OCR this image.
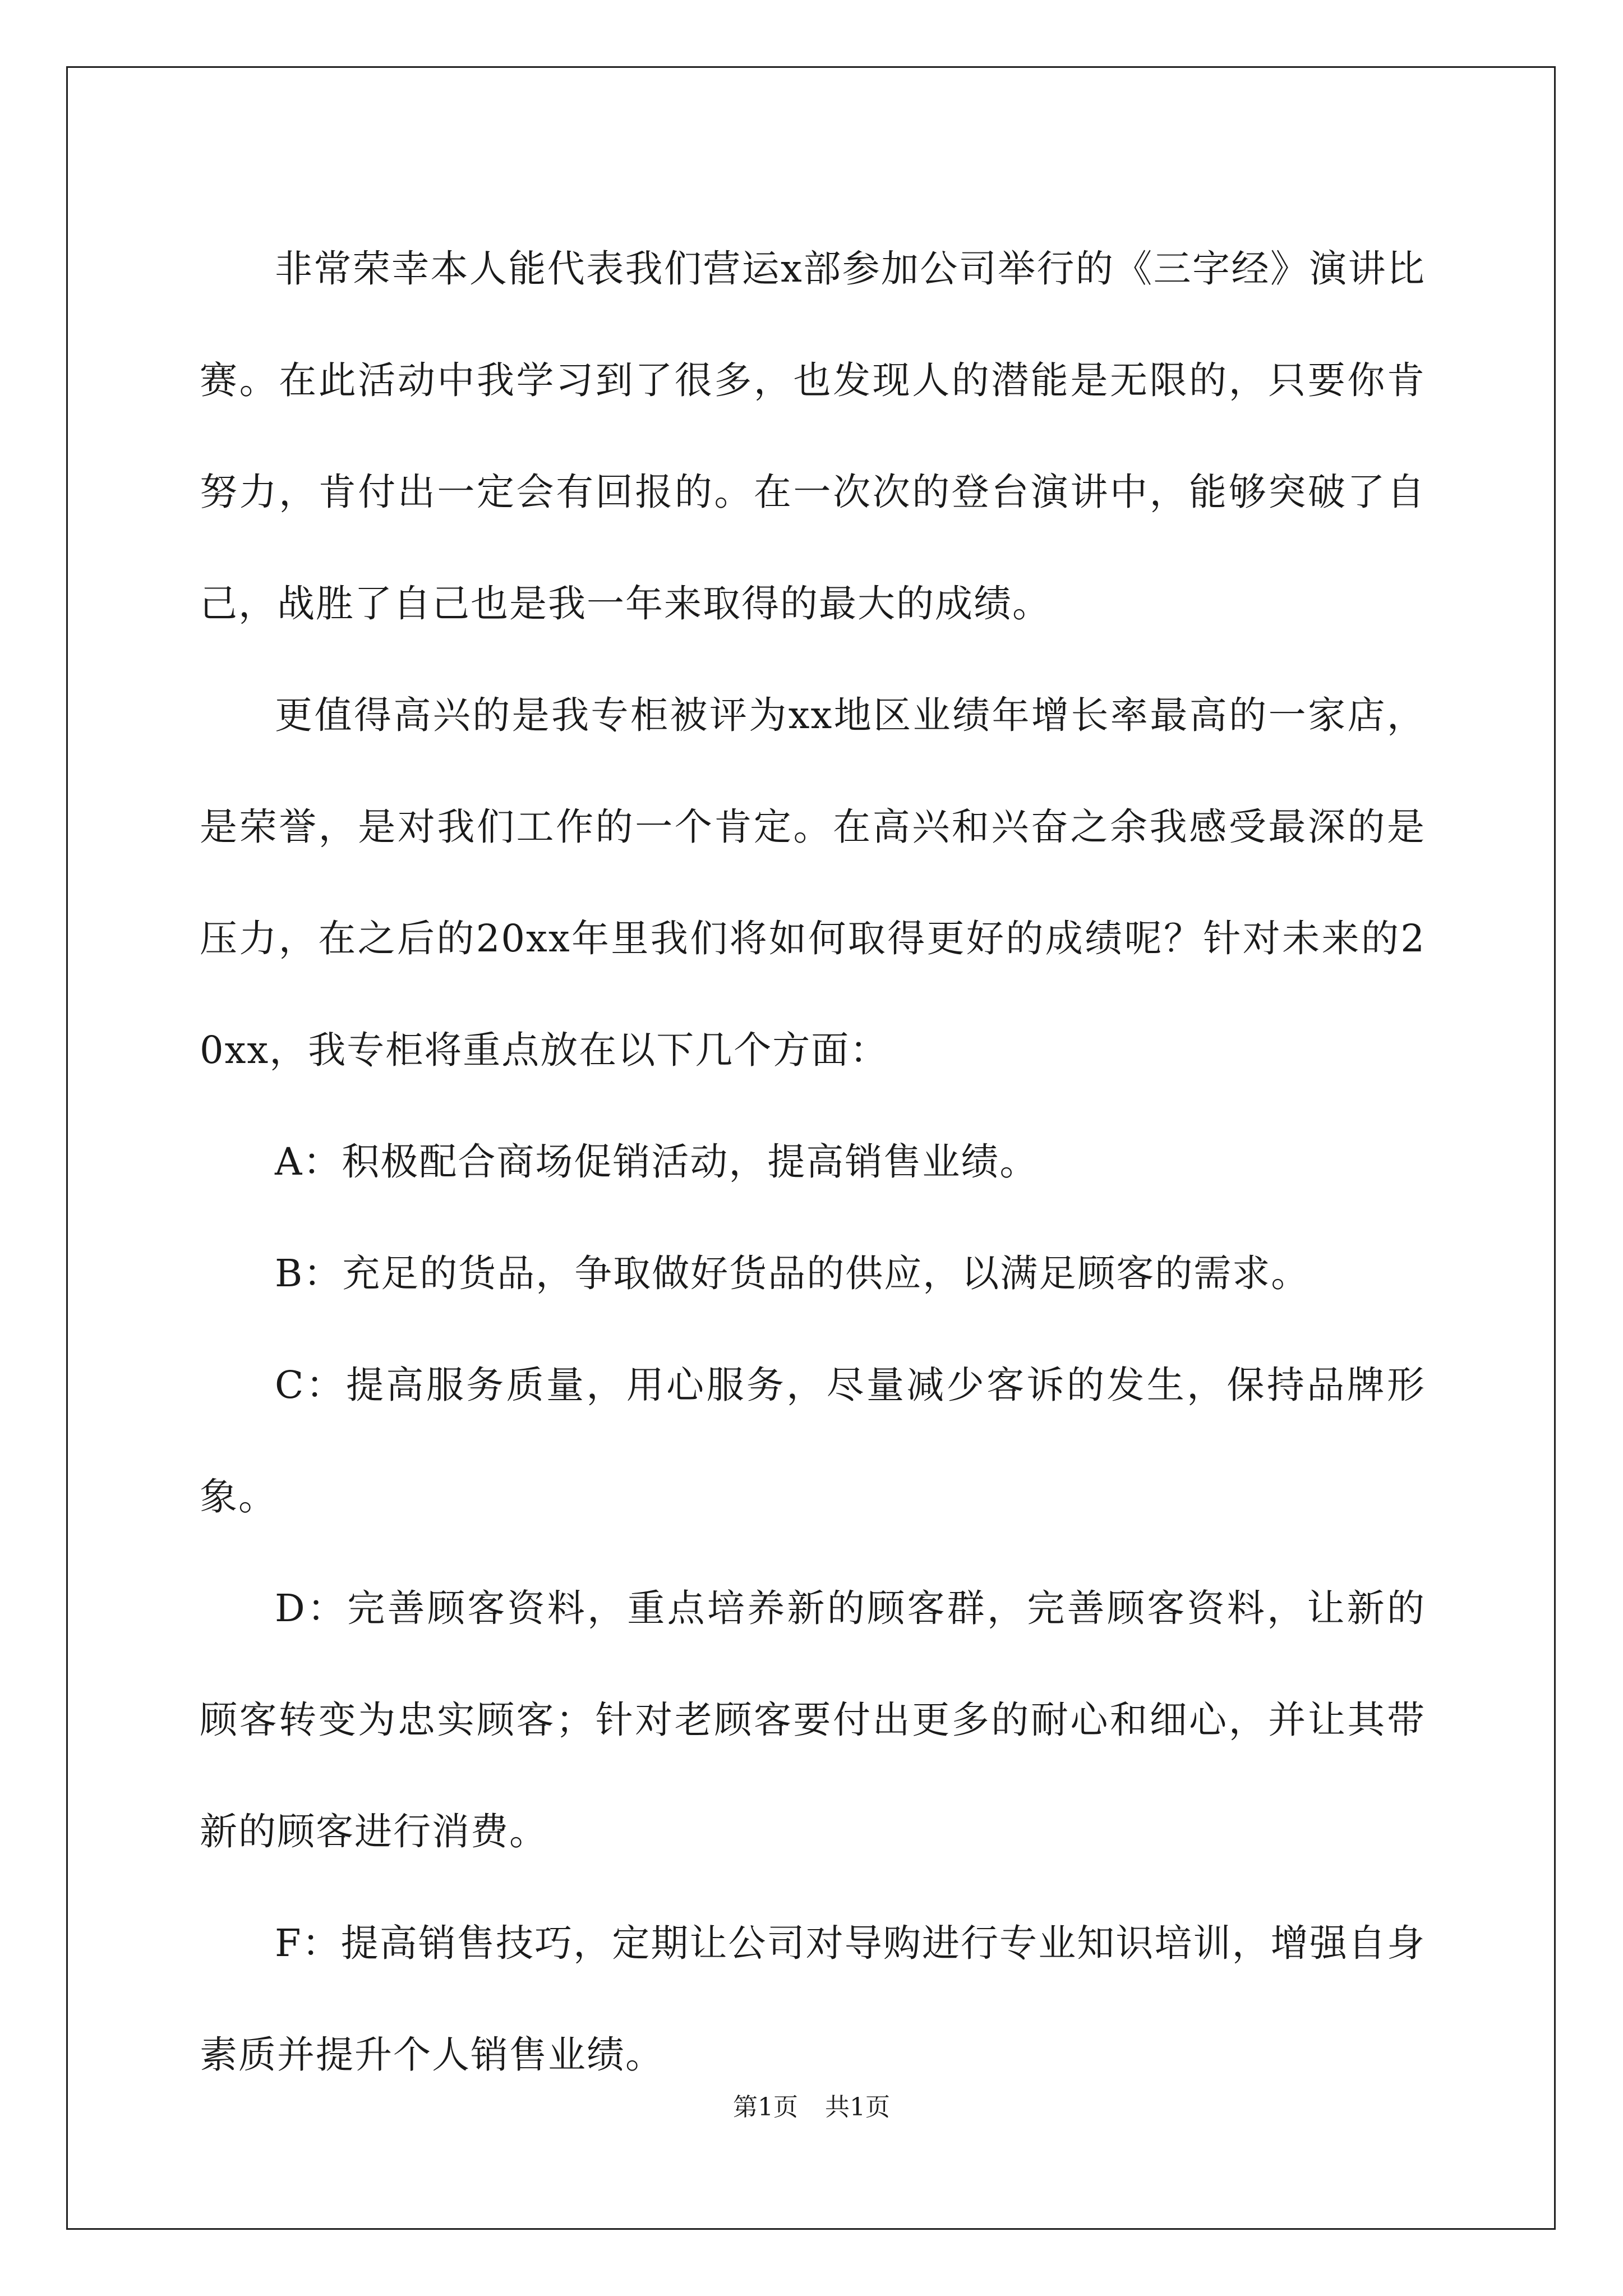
非常荣幸本人能代表我们营运x部参加公司举行的《三字经》演讲比赛。在此活动中我学习到了很多，也发现人的潜能是无限的，只要你肯努力，肯付出一定会有回报的。在一次次的登台演讲中，能够突破了自己，战胜了自己也是我一年来取得的最大的成绩。

更值得高兴的是我专柜被评为xx地区业绩年增长率最高的一家店，是荣誉，是对我们工作的一个肯定。在高兴和兴奋之余我感受最深的是压力，在之后的20xx年里我们将如何取得更好的成绩呢？针对未来的20xx，我专柜将重点放在以下几个方面：

A：积极配合商场促销活动，提高销售业绩。

B：充足的货品，争取做好货品的供应，以满足顾客的需求。

C：提高服务质量，用心服务，尽量减少客诉的发生，保持品牌形象。

D：完善顾客资料，重点培养新的顾客群，完善顾客资料，让新的顾客转变为忠实顾客；针对老顾客要付出更多的耐心和细心，并让其带新的顾客进行消费。

F：提高销售技巧，定期让公司对导购进行专业知识培训，增强自身素质并提升个人销售业绩。

第1页 共1页
